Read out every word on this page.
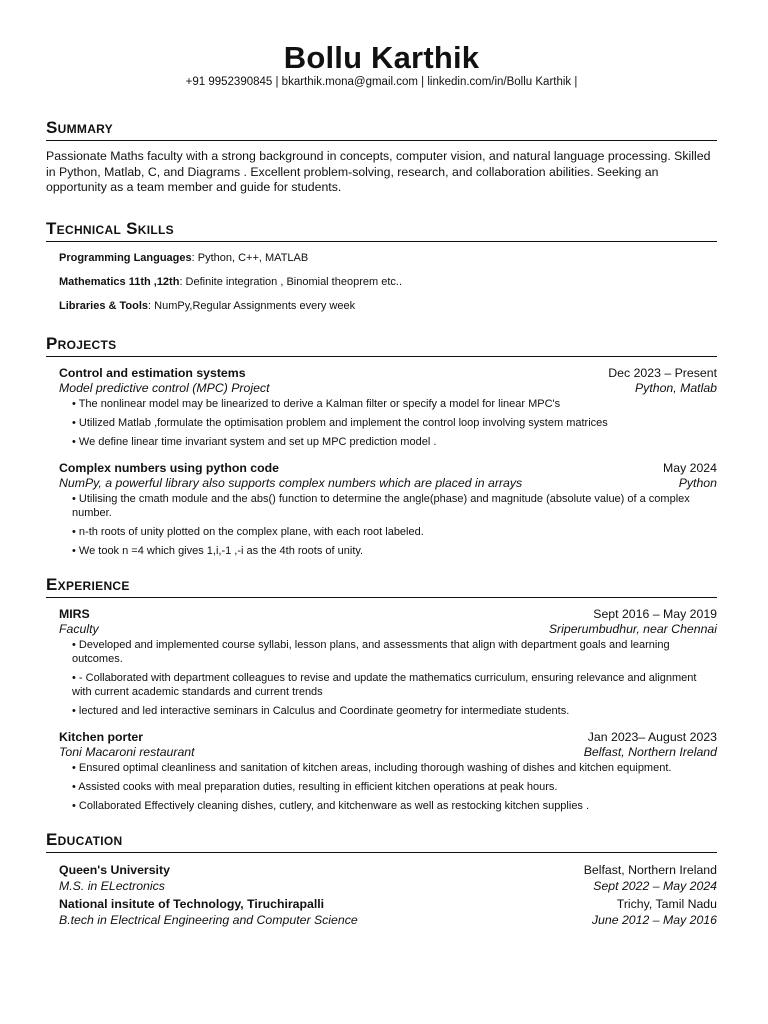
Bollu Karthik
+91 9952390845 | bkarthik.mona@gmail.com | linkedin.com/in/Bollu Karthik |
Summary
Passionate Maths faculty with a strong background in concepts, computer vision, and natural language processing. Skilled in Python, Matlab, C, and Diagrams . Excellent problem-solving, research, and collaboration abilities. Seeking an opportunity as a team member and guide for students.
Technical Skills
Programming Languages: Python, C++, MATLAB
Mathematics 11th ,12th: Definite integration , Binomial theoprem etc..
Libraries & Tools: NumPy,Regular Assignments every week
Projects
Control and estimation systems	Dec 2023 – Present
Model predictive control (MPC) Project	Python, Matlab
• The nonlinear model may be linearized to derive a Kalman filter or specify a model for linear MPC's
• Utilized Matlab ,formulate the optimisation problem and implement the control loop involving system matrices
• We define linear time invariant system and set up MPC prediction model .
Complex numbers using python code	May 2024
NumPy, a powerful library also supports complex numbers which are placed in arrays	Python
• Utilising the cmath module and the abs() function to determine the angle(phase) and magnitude (absolute value) of a complex number.
• n-th roots of unity plotted on the complex plane, with each root labeled.
• We took n =4 which gives 1,i,-1 ,-i as the 4th roots of unity.
Experience
MIRS	Sept 2016 – May 2019
Faculty	Sriperumbudhur, near Chennai
• Developed and implemented course syllabi, lesson plans, and assessments that align with department goals and learning outcomes.
• - Collaborated with department colleagues to revise and update the mathematics curriculum, ensuring relevance and alignment with current academic standards and current trends
• lectured and led interactive seminars in Calculus and Coordinate geometry for intermediate students.
Kitchen porter	Jan 2023– August 2023
Toni Macaroni restaurant	Belfast, Northern Ireland
• Ensured optimal cleanliness and sanitation of kitchen areas, including thorough washing of dishes and kitchen equipment.
• Assisted cooks with meal preparation duties, resulting in efficient kitchen operations at peak hours.
• Collaborated Effectively cleaning dishes, cutlery, and kitchenware as well as restocking kitchen supplies .
Education
Queen's University	Belfast, Northern Ireland
M.S. in ELectronics	Sept 2022 – May 2024
National insitute of Technology, Tiruchirapalli	Trichy, Tamil Nadu
B.tech in Electrical Engineering and Computer Science	June 2012 – May 2016
